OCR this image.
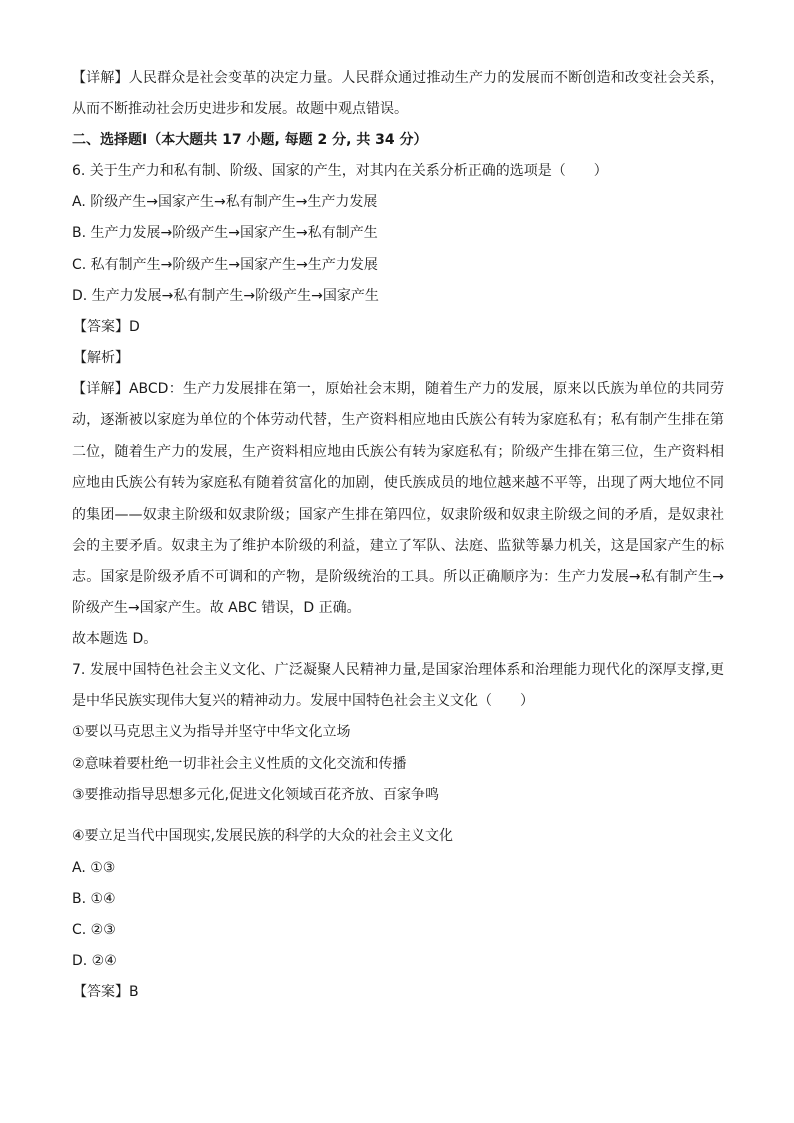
【详解】人民群众是社会变革的决定力量。人民群众通过推动生产力的发展而不断创造和改变社会关系，
从而不断推动社会历史进步和发展。故题中观点错误。
二、选择题Ⅰ（本大题共 17 小题, 每题 2 分, 共 34 分）
6. 关于生产力和私有制、阶级、国家的产生，对其内在关系分析正确的选项是（　　）
A. 阶级产生→国家产生→私有制产生→生产力发展
B. 生产力发展→阶级产生→国家产生→私有制产生
C. 私有制产生→阶级产生→国家产生→生产力发展
D. 生产力发展→私有制产生→阶级产生→国家产生
【答案】D
【解析】
【详解】ABCD：生产力发展排在第一，原始社会末期，随着生产力的发展，原来以氏族为单位的共同劳
动，逐渐被以家庭为单位的个体劳动代替，生产资料相应地由氏族公有转为家庭私有；私有制产生排在第
二位，随着生产力的发展，生产资料相应地由氏族公有转为家庭私有；阶级产生排在第三位，生产资料相
应地由氏族公有转为家庭私有随着贫富化的加剧，使氏族成员的地位越来越不平等，出现了两大地位不同
的集团——奴隶主阶级和奴隶阶级；国家产生排在第四位，奴隶阶级和奴隶主阶级之间的矛盾，是奴隶社
会的主要矛盾。奴隶主为了维护本阶级的利益，建立了军队、法庭、监狱等暴力机关，这是国家产生的标
志。国家是阶级矛盾不可调和的产物，是阶级统治的工具。所以正确顺序为：生产力发展→私有制产生→
阶级产生→国家产生。故 ABC 错误，D 正确。
故本题选 D。
7. 发展中国特色社会主义文化、广泛凝聚人民精神力量,是国家治理体系和治理能力现代化的深厚支撑,更
是中华民族实现伟大复兴的精神动力。发展中国特色社会主义文化（　　）
①要以马克思主义为指导并坚守中华文化立场
②意味着要杜绝一切非社会主义性质的文化交流和传播
③要推动指导思想多元化,促进文化领域百花齐放、百家争鸣
④要立足当代中国现实,发展民族的科学的大众的社会主义文化
A. ①③
B. ①④
C. ②③
D. ②④
【答案】B
